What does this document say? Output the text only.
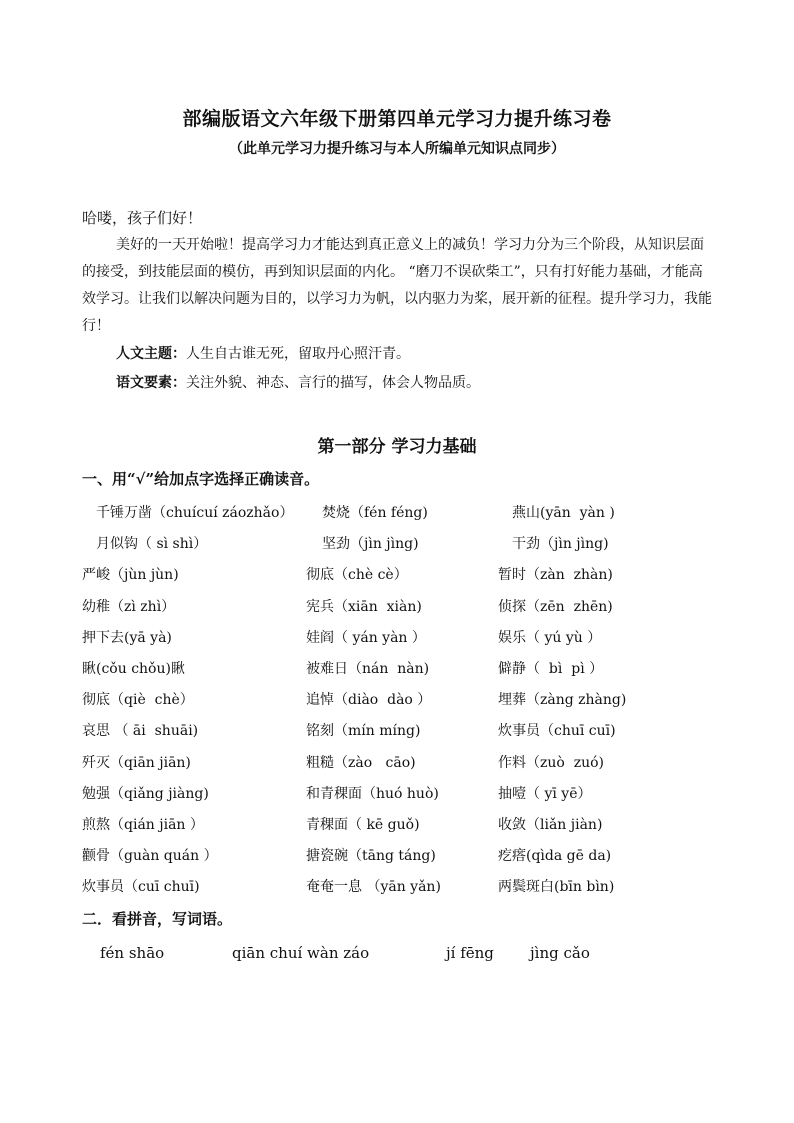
部编版语文六年级下册第四单元学习力提升练习卷
（此单元学习力提升练习与本人所编单元知识点同步）
哈喽，孩子们好！

美好的一天开始啦！提高学习力才能达到真正意义上的减负！学习力分为三个阶段，从知识层面的接受，到技能层面的模仿，再到知识层面的内化。 “磨刀不误砍柴工”，只有打好能力基础，才能高效学习。让我们以解决问题为目的，以学习力为帆，以内驱力为桨，展开新的征程。提升学习力，我能行！

人文主题：人生自古谁无死，留取丹心照汗青。
语文要素：关注外貌、神态、言行的描写，体会人物品质。
第一部分 学习力基础
一、用“√”给加点字选择正确读音。
千锤万凿（chuícuí záozhǎo） 焚烧（fén féng)	燕山(yān  yàn )
月似钩（ sì shì）	坚劲（jìn jìng)	干劲（jìn jìng)
严峻（jùn jùn)	彻底（chè cè）	暂时（zàn  zhàn)
幼稚（zì zhì）	宪兵（xiān  xiàn)	侦探（zēn  zhēn)
押下去(yā yà)	娃阎（ yán yàn ）	娱乐（ yú yù ）
瞅(cǒu chǒu)瞅	被难日（nán  nàn)	僻静（  bì  pì ）
彻底（qiè  chè）	追悼（diào  dào ）	埋葬（zàng zhàng)
哀思 （ āi  shuāi)	铭刻（mín míng)	炊事员（chuī cuī)
歼灭（qiān jiān)	粗糙（zào   cāo)	作料（zuò  zuó)
勉强（qiǎng jiàng)	和青稞面（huó huò)	抽噎（ yī yē）
煎熬（qián jiān ）	青稞面（ kē guǒ)	收敛（liǎn jiàn)
颧骨（guàn quán ）	搪瓷碗（tāng táng)	疙瘩(qìda gē da)
炊事员（cuī chuī)	奄奄一息 （yān yǎn)	两鬓斑白(bīn bìn)
二．看拼音，写词语。
fén shāo	qiān chuí wàn záo	jí fēng jìng cǎo
